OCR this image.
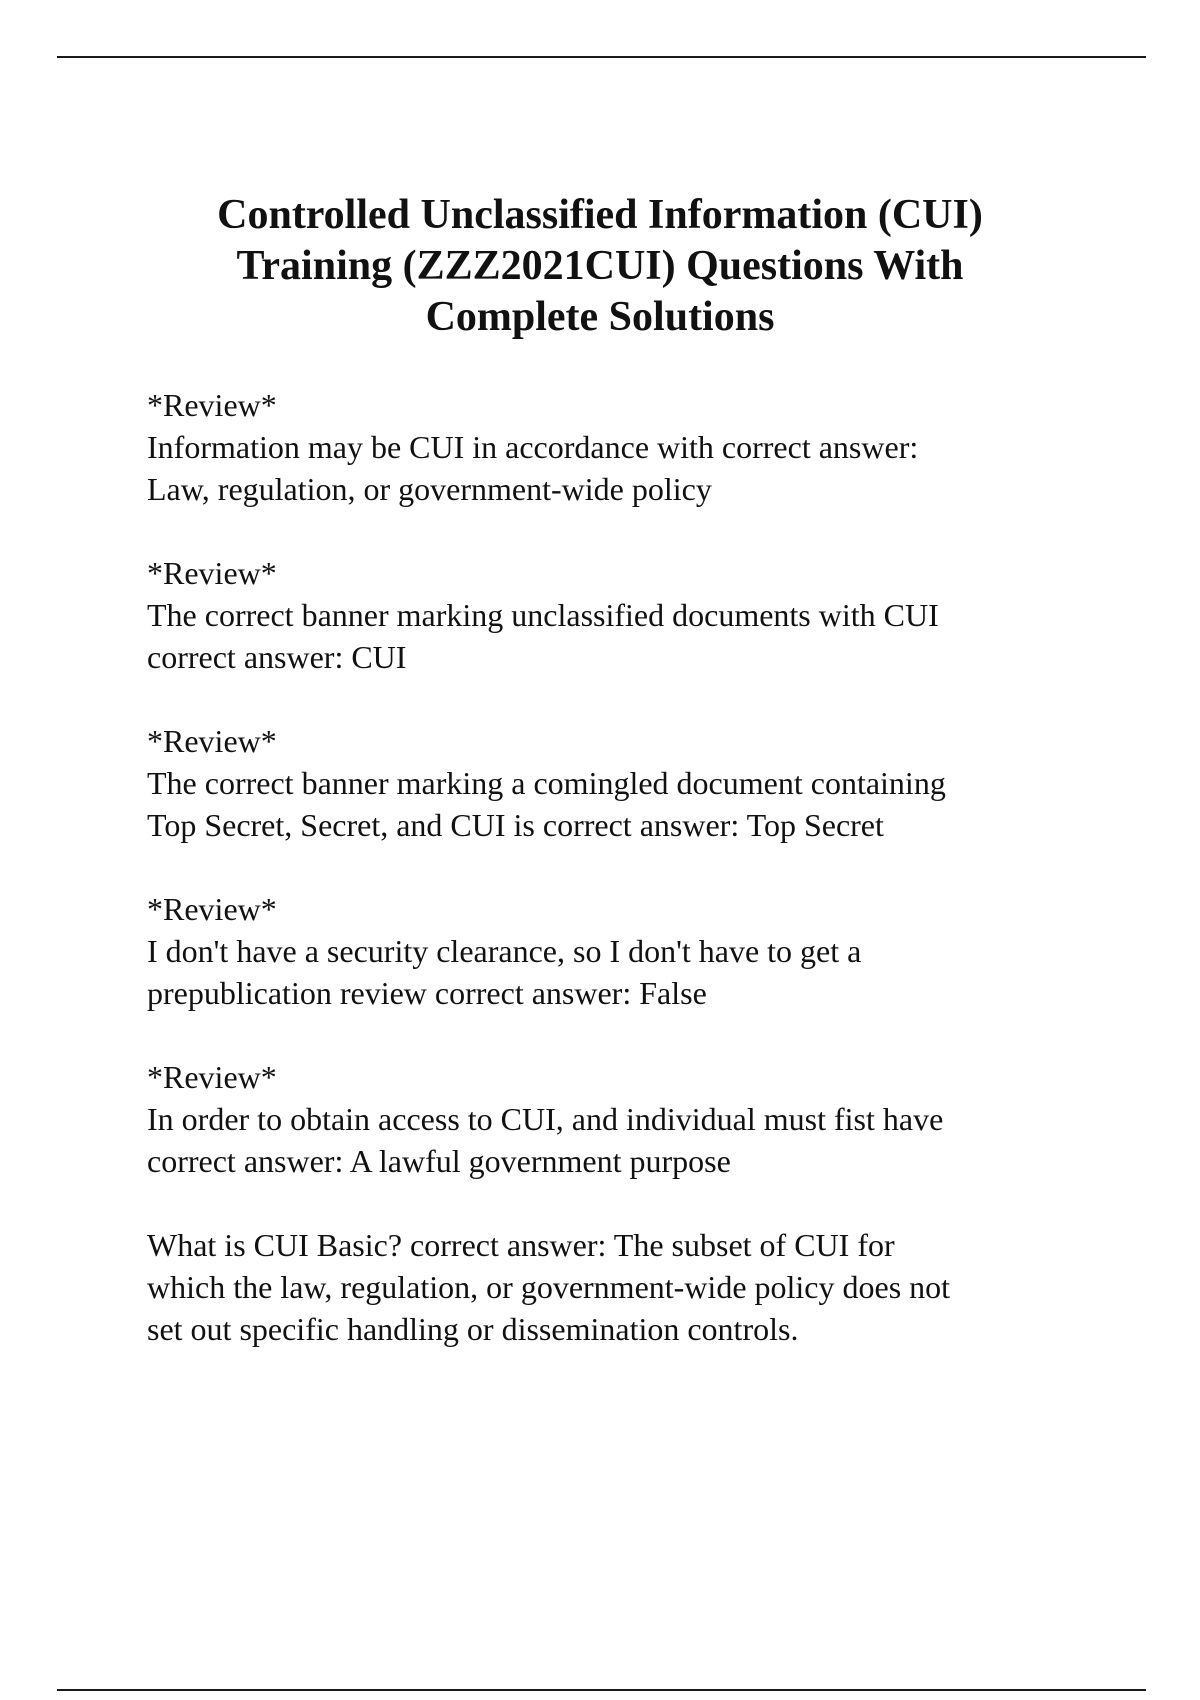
Controlled Unclassified Information (CUI)
Training (ZZZ2021CUI) Questions With
Complete Solutions
*Review*
Information may be CUI in accordance with correct answer:
Law, regulation, or government-wide policy
*Review*
The correct banner marking unclassified documents with CUI
correct answer: CUI
*Review*
The correct banner marking a comingled document containing
Top Secret, Secret, and CUI is correct answer: Top Secret
*Review*
I don't have a security clearance, so I don't have to get a
prepublication review correct answer: False
*Review*
In order to obtain access to CUI, and individual must fist have
correct answer: A lawful government purpose
What is CUI Basic? correct answer: The subset of CUI for
which the law, regulation, or government-wide policy does not
set out specific handling or dissemination controls.
